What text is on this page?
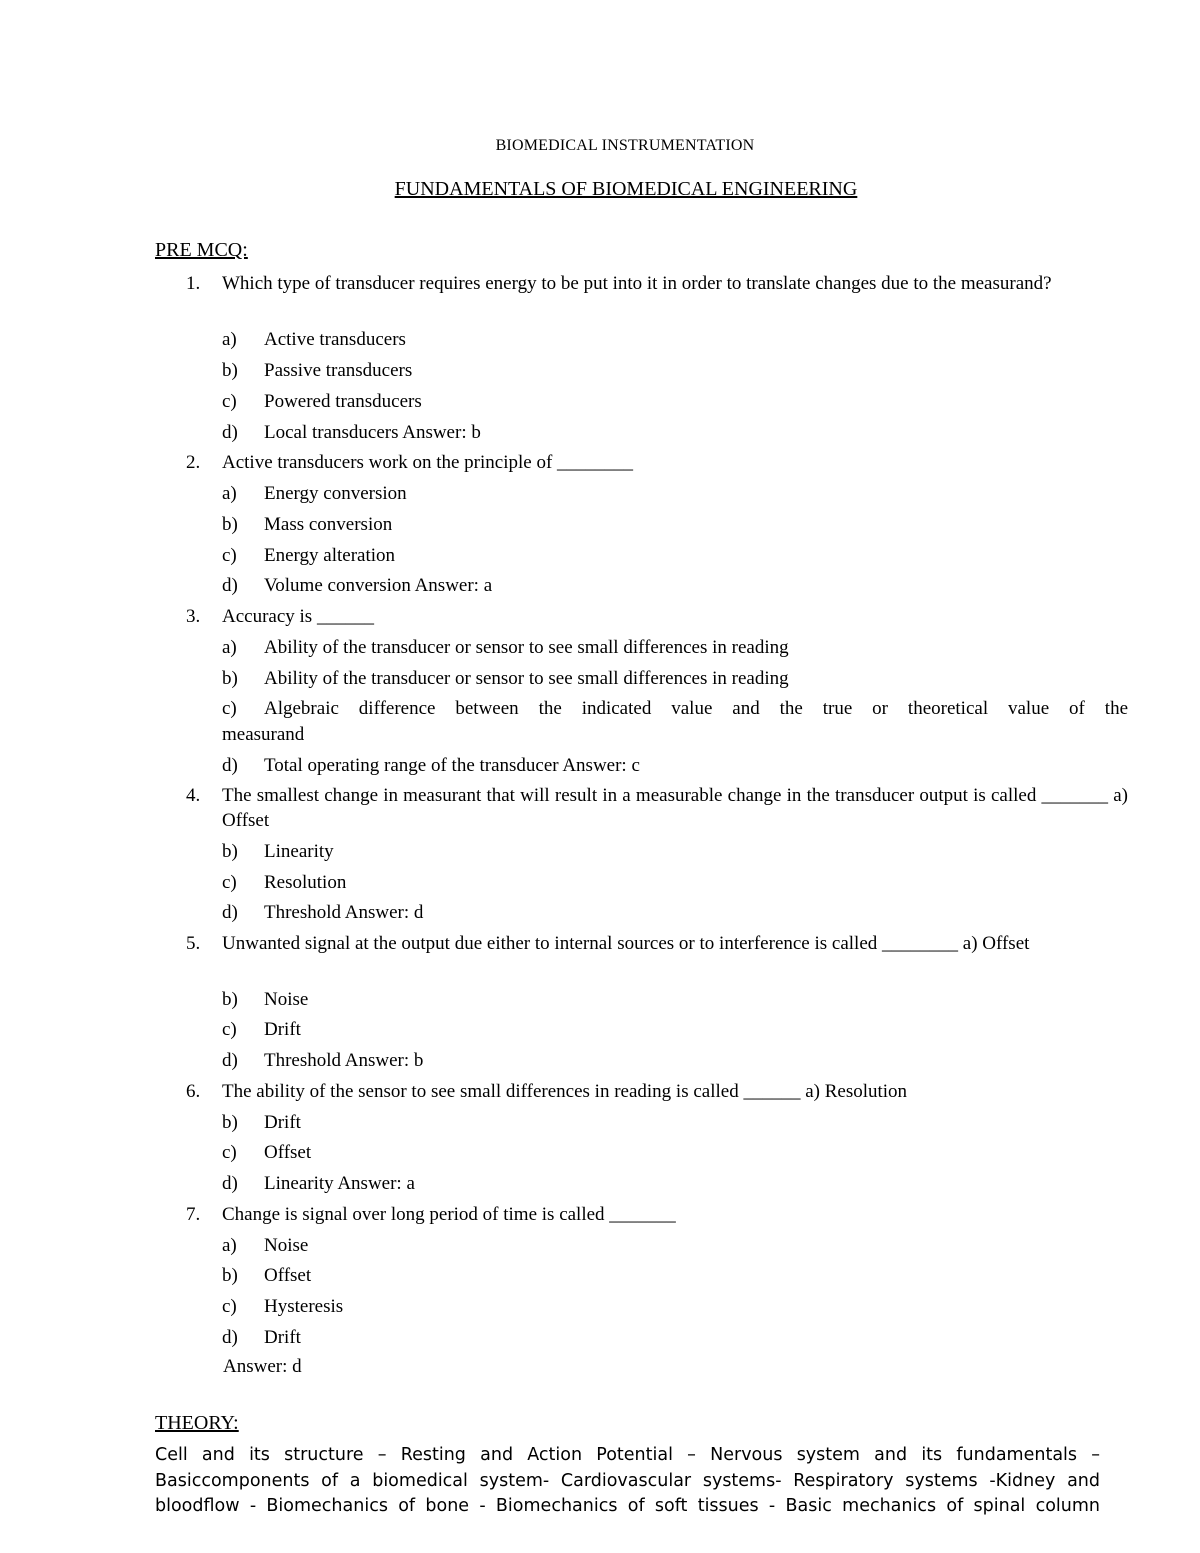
BIOMEDICAL INSTRUMENTATION
FUNDAMENTALS OF BIOMEDICAL ENGINEERING
PRE MCQ:
1. Which type of transducer requires energy to be put into it in order to translate changes due to the measurand?
a) Active transducers
b) Passive transducers
c) Powered transducers
d) Local transducers Answer: b
2. Active transducers work on the principle of ________
a) Energy conversion
b) Mass conversion
c) Energy alteration
d) Volume conversion Answer: a
3. Accuracy is ______
a) Ability of the transducer or sensor to see small differences in reading
b) Ability of the transducer or sensor to see small differences in reading
c) Algebraic difference between the indicated value and the true or theoretical value of the
measurand
d) Total operating range of the transducer Answer: c
4. The smallest change in measurant that will result in a measurable change in the transducer output is called _______ a) Offset
b) Linearity
c) Resolution
d) Threshold Answer: d
5. Unwanted signal at the output due either to internal sources or to interference is called ________ a) Offset
b) Noise
c) Drift
d) Threshold Answer: b
6. The ability of the sensor to see small differences in reading is called ______ a) Resolution
b) Drift
c) Offset
d) Linearity Answer: a
7. Change is signal over long period of time is called _______
a) Noise
b) Offset
c) Hysteresis
d) Drift
Answer: d
THEORY:
Cell and its structure – Resting and Action Potential – Nervous system and its fundamentals – Basiccomponents of a biomedical system- Cardiovascular systems- Respiratory systems -Kidney and bloodflow - Biomechanics of bone - Biomechanics of soft tissues - Basic mechanics of spinal column
